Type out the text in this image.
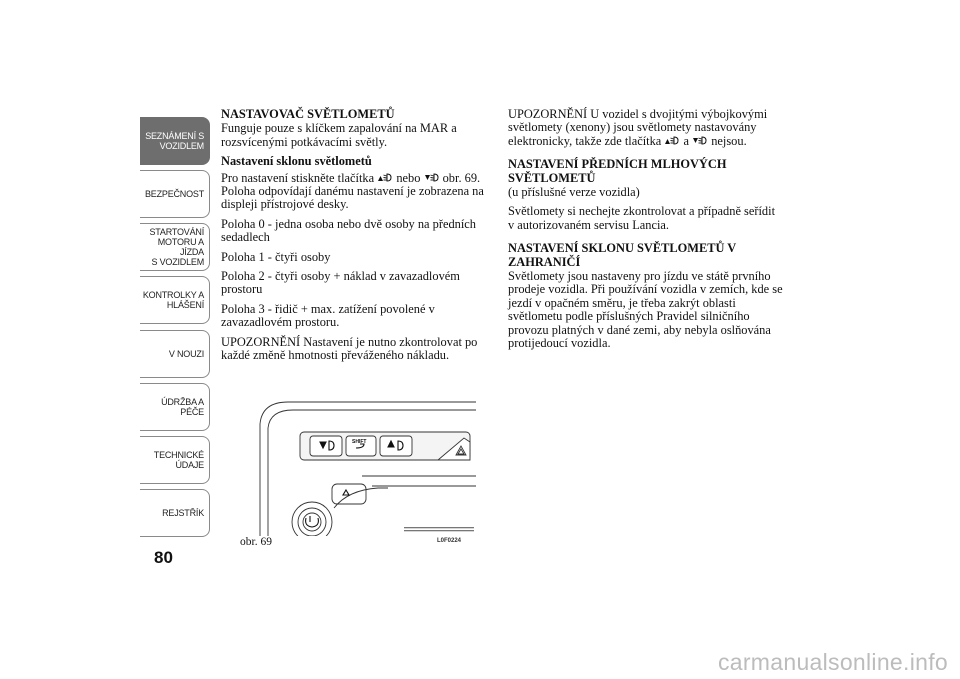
SEZNÁMENÍ S
VOZIDLEM
BEZPEČNOST
STARTOVÁNÍ
MOTORU A JÍZDA
S VOZIDLEM
KONTROLKY A
HLÁŠENÍ
V NOUZI
ÚDRŽBA A PÉČE
TECHNICKÉ
ÚDAJE
REJSTŘÍK
80
NASTAVOVAČ SVĚTLOMETŮ

Funguje pouze s klíčkem zapalování na MAR a rozsvícenými potkávacími světly.

Nastavení sklonu světlometů

Pro nastavení stiskněte tlačítka  nebo  obr. 69. Poloha odpovídají danému nastavení je zobrazena na displeji přístrojové desky.

Poloha 0 - jedna osoba nebo dvě osoby na předních sedadlech

Poloha 1 - čtyři osoby

Poloha 2 - čtyři osoby + náklad v zavazadlovém prostoru

Poloha 3 - řidič + max. zatížení povolené v zavazadlovém prostoru.

UPOZORNĚNÍ Nastavení je nutno zkontrolovat po každé změně hmotnosti převáženého nákladu.

SHIFT
obr. 69	L0F0224

UPOZORNĚNÍ U vozidel s dvojitými výbojkovými světlomety (xenony) jsou světlomety nastavovány elektronicky, takže zde tlačítka  a  nejsou.

NASTAVENÍ PŘEDNÍCH MLHOVÝCH SVĚTLOMETŮ

(u příslušné verze vozidla)

Světlomety si nechejte zkontrolovat a případně seřídit v autorizovaném servisu Lancia.

NASTAVENÍ SKLONU SVĚTLOMETŮ V ZAHRANIČÍ

Světlomety jsou nastaveny pro jízdu ve státě prvního prodeje vozidla. Při používání vozidla v zemích, kde se jezdí v opačném směru, je třeba zakrýt oblasti světlometu podle příslušných Pravidel silničního provozu platných v dané zemi, aby nebyla oslňována protijedoucí vozidla.

carmanualsonline.info
